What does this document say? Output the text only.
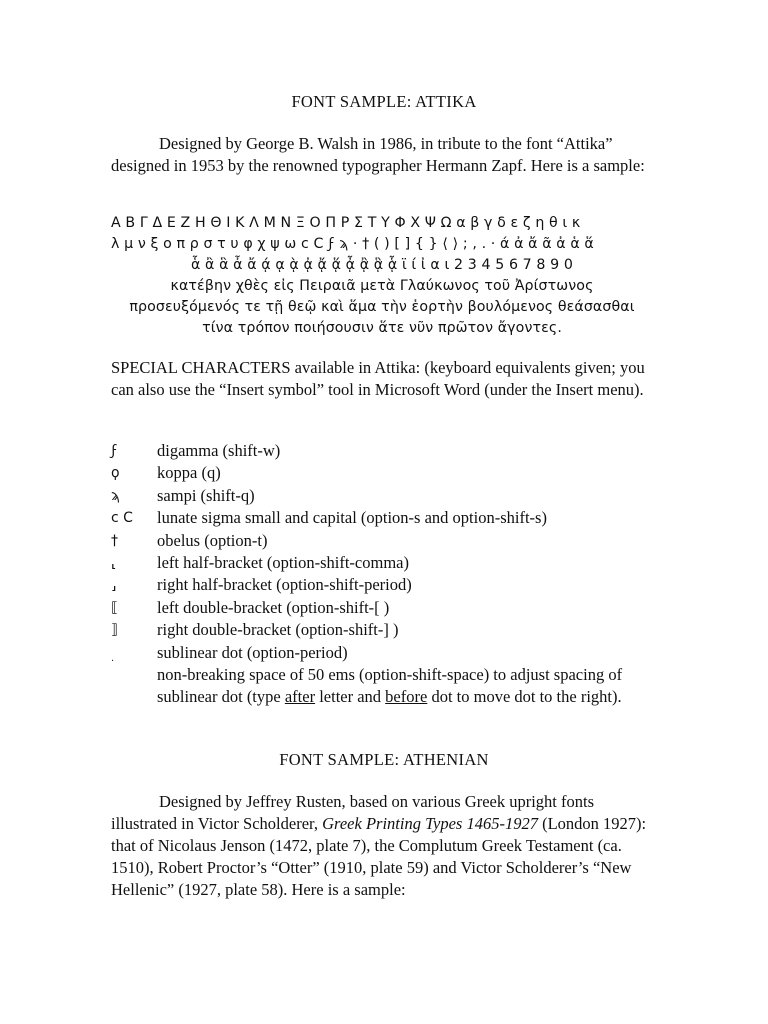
FONT SAMPLE: ATTIKA

Designed by George B. Walsh in 1986, in tribute to the font “Attika” designed in 1953 by the renowned typographer Hermann Zapf. Here is a sample:

Α Β Γ Δ Ε Ζ Η Θ Ι Κ Λ Μ Ν Ξ Ο Π Ρ Σ Τ Υ Φ Χ Ψ Ω α β γ δ ε ζ η θ ι κ
λ μ ν ξ ο π ρ σ τ υ φ χ ψ ω c C ϝ ϡ · † ( ) [ ] { } ⟨ ⟩ ; , . · ά ἀ ἄ ᾶ ἀ ἁ ἅ
ἇ ἂ ἃ ἆ ἄ ᾴ ᾳ ᾲ ᾀ ᾄ ᾅ ᾆ ᾂ ᾃ ᾇ ϊ ί ἰ α ι 2 3 4 5 6 7 8 9 0
κατέβην χθὲς εἰς Πειραιᾶ μετὰ Γλαύκωνος τοῦ Ἀρίστωνος
προσευξόμενός τε τῇ θεῷ καὶ ἅμα τὴν ἑορτὴν βουλόμενος θεάσασθαι
τίνα τρόπον ποιήσουσιν ἅτε νῦν πρῶτον ἄγοντες.

SPECIAL CHARACTERS available in Attika: (keyboard equivalents given; you can also use the “Insert symbol” tool in Microsoft Word (under the Insert menu).

ϝ	digamma (shift-w)
ϙ	koppa (q)
ϡ	sampi (shift-q)
c C	lunate sigma small and capital (option-s and option-shift-s)
†	obelus (option-t)
⸤	left half-bracket (option-shift-comma)
⸥	right half-bracket (option-shift-period)
⟦	left double-bracket (option-shift-[ )
⟧	right double-bracket (option-shift-] )
.	sublinear dot (option-period)
non-breaking space of 50 ems (option-shift-space) to adjust spacing of sublinear dot (type after letter and before dot to move dot to the right).
FONT SAMPLE: ATHENIAN

Designed by Jeffrey Rusten, based on various Greek upright fonts illustrated in Victor Scholderer, Greek Printing Types 1465-1927 (London 1927): that of Nicolaus Jenson (1472, plate 7), the Complutum Greek Testament (ca. 1510), Robert Proctor’s “Otter” (1910, plate 59) and Victor Scholderer’s “New Hellenic” (1927, plate 58). Here is a sample:
